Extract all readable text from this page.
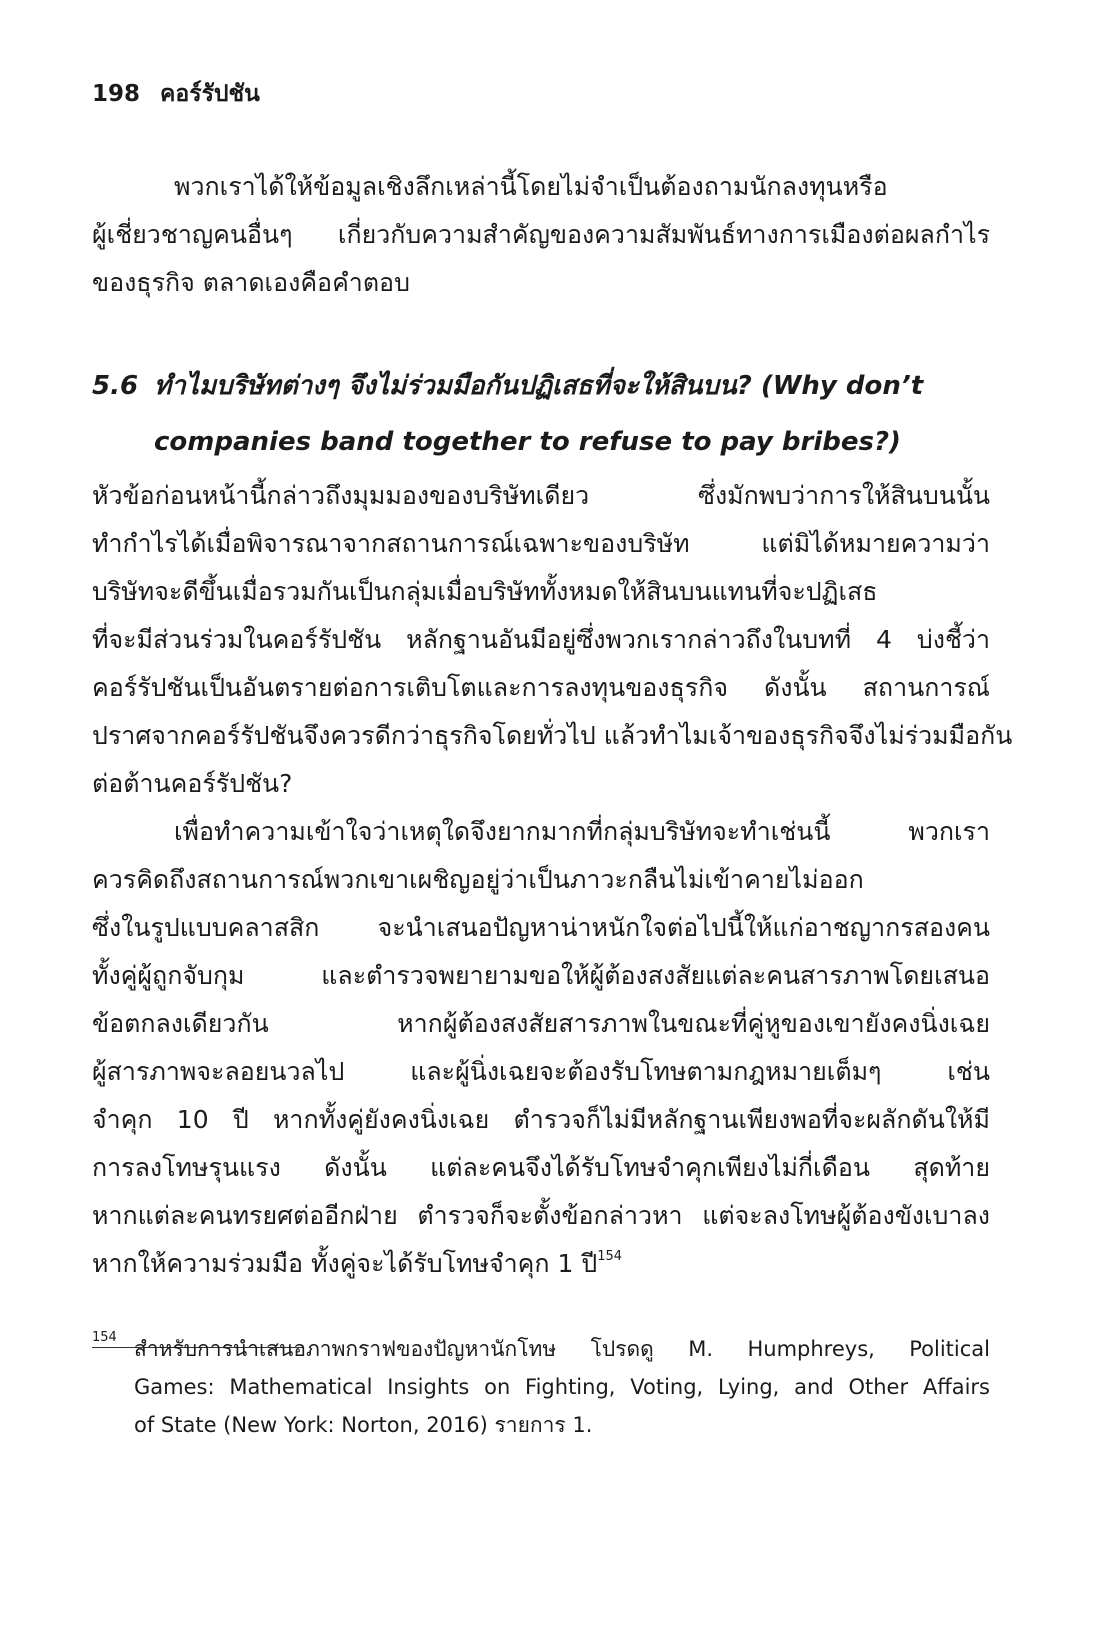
198 คอร์รัปชัน
พวกเราได้ให้ข้อมูลเชิงลึกเหล่านี้โดยไม่จำเป็นต้องถามนักลงทุนหรือ
ผู้เชี่ยวชาญคนอื่นๆ เกี่ยวกับความสำคัญของความสัมพันธ์ทางการเมืองต่อผลกำไร
ของธุรกิจ ตลาดเองคือคำตอบ
5.6 ทำไมบริษัทต่างๆ จึงไม่ร่วมมือกันปฏิเสธที่จะให้สินบน? (Why don’t
companies band together to refuse to pay bribes?)
หัวข้อก่อนหน้านี้กล่าวถึงมุมมองของบริษัทเดียว ซึ่งมักพบว่าการให้สินบนนั้น
ทำกำไรได้เมื่อพิจารณาจากสถานการณ์เฉพาะของบริษัท แต่มิได้หมายความว่า
บริษัทจะดีขึ้นเมื่อรวมกันเป็นกลุ่มเมื่อบริษัททั้งหมดให้สินบนแทนที่จะปฏิเสธ
ที่จะมีส่วนร่วมในคอร์รัปชัน หลักฐานอันมีอยู่ซึ่งพวกเรากล่าวถึงในบทที่ 4 บ่งชี้ว่า
คอร์รัปชันเป็นอันตรายต่อการเติบโตและการลงทุนของธุรกิจ ดังนั้น สถานการณ์
ปราศจากคอร์รัปชันจึงควรดีกว่าธุรกิจโดยทั่วไป แล้วทำไมเจ้าของธุรกิจจึงไม่ร่วมมือกัน
ต่อต้านคอร์รัปชัน?
เพื่อทำความเข้าใจว่าเหตุใดจึงยากมากที่กลุ่มบริษัทจะทำเช่นนี้ พวกเรา
ควรคิดถึงสถานการณ์พวกเขาเผชิญอยู่ว่าเป็นภาวะกลืนไม่เข้าคายไม่ออก
ซึ่งในรูปแบบคลาสสิก จะนำเสนอปัญหาน่าหนักใจต่อไปนี้ให้แก่อาชญากรสองคน
ทั้งคู่ผู้ถูกจับกุม และตำรวจพยายามขอให้ผู้ต้องสงสัยแต่ละคนสารภาพโดยเสนอ
ข้อตกลงเดียวกัน หากผู้ต้องสงสัยสารภาพในขณะที่คู่หูของเขายังคงนิ่งเฉย
ผู้สารภาพจะลอยนวลไป และผู้นิ่งเฉยจะต้องรับโทษตามกฎหมายเต็มๆ เช่น
จำคุก 10 ปี หากทั้งคู่ยังคงนิ่งเฉย ตำรวจก็ไม่มีหลักฐานเพียงพอที่จะผลักดันให้มี
การลงโทษรุนแรง ดังนั้น แต่ละคนจึงได้รับโทษจำคุกเพียงไม่กี่เดือน สุดท้าย
หากแต่ละคนทรยศต่ออีกฝ่าย ตำรวจก็จะตั้งข้อกล่าวหา แต่จะลงโทษผู้ต้องขังเบาลง
หากให้ความร่วมมือ ทั้งคู่จะได้รับโทษจำคุก 1 ปี$^{154}$
154 สำหรับการนำเสนอภาพกราฟของปัญหานักโทษ โปรดดู M. Humphreys, Political
Games: Mathematical Insights on Fighting, Voting, Lying, and Other Affairs
of State (New York: Norton, 2016) รายการ 1.
